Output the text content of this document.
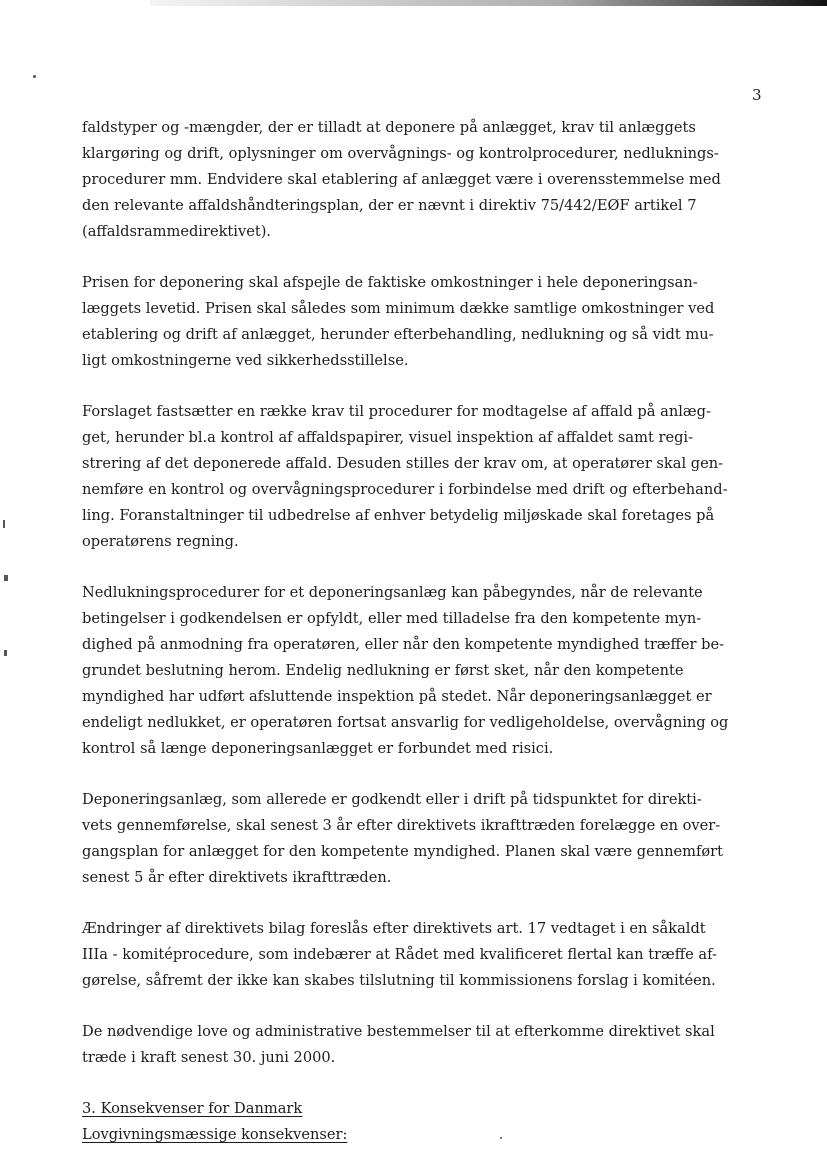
3
faldstyper og -mængder, der er tilladt at deponere på anlægget, krav til anlæggets
klargøring og drift, oplysninger om overvågnings- og kontrolprocedurer, nedluknings-
procedurer mm. Endvidere skal etablering af anlægget være i overensstemmelse med
den relevante affaldshåndteringsplan, der er nævnt i direktiv 75/442/EØF artikel 7
(affaldsrammedirektivet).
Prisen for deponering skal afspejle de faktiske omkostninger i hele deponeringsan-
læggets levetid. Prisen skal således som minimum dække samtlige omkostninger ved
etablering og drift af anlægget, herunder efterbehandling, nedlukning og så vidt mu-
ligt omkostningerne ved sikkerhedsstillelse.
Forslaget fastsætter en række krav til procedurer for modtagelse af affald på anlæg-
get, herunder bl.a kontrol af affaldspapirer, visuel inspektion af affaldet samt regi-
strering af det deponerede affald. Desuden stilles der krav om, at operatører skal gen-
nemføre en kontrol og overvågningsprocedurer i forbindelse med drift og efterbehand-
ling. Foranstaltninger til udbedrelse af enhver betydelig miljøskade skal foretages på
operatørens regning.
Nedlukningsprocedurer for et deponeringsanlæg kan påbegyndes, når de relevante
betingelser i godkendelsen er opfyldt, eller med tilladelse fra den kompetente myn-
dighed på anmodning fra operatøren, eller når den kompetente myndighed træffer be-
grundet beslutning herom. Endelig nedlukning er først sket, når den kompetente
myndighed har udført afsluttende inspektion på stedet. Når deponeringsanlægget er
endeligt nedlukket, er operatøren fortsat ansvarlig for vedligeholdelse, overvågning og
kontrol så længe deponeringsanlægget er forbundet med risici.
Deponeringsanlæg, som allerede er godkendt eller i drift på tidspunktet for direkti-
vets gennemførelse, skal senest 3 år efter direktivets ikrafttræden forelægge en over-
gangsplan for anlægget for den kompetente myndighed. Planen skal være gennemført
senest 5 år efter direktivets ikrafttræden.
Ændringer af direktivets bilag foreslås efter direktivets art. 17 vedtaget i en såkaldt
IIIa - komitéprocedure, som indebærer at Rådet med kvalificeret flertal kan træffe af-
gørelse, såfremt der ikke kan skabes tilslutning til kommissionens forslag i komitéen.
De nødvendige love og administrative bestemmelser til at efterkomme direktivet skal
træde i kraft senest 30. juni 2000.
3. Konsekvenser for Danmark
Lovgivningsmæssige konsekvenser:
